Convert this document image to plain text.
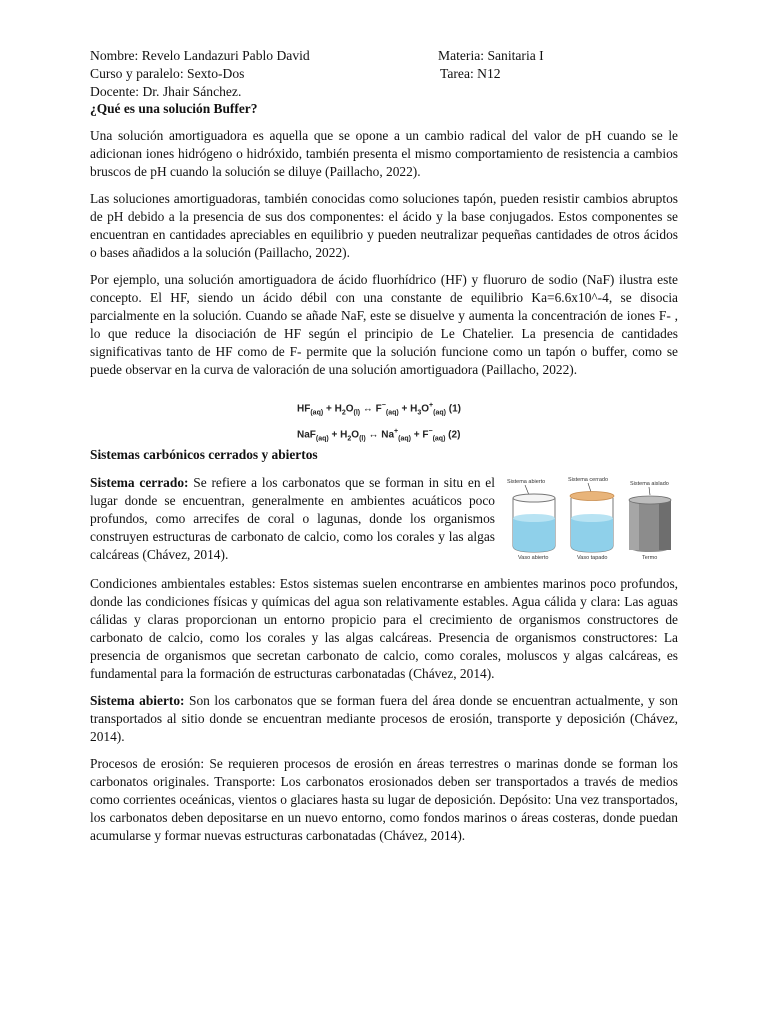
Nombre: Revelo Landazuri Pablo David	Materia: Sanitaria I
Curso y paralelo: Sexto-Dos	Tarea: N12
Docente: Dr. Jhair Sánchez.
¿Qué es una solución Buffer?
Una solución amortiguadora es aquella que se opone a un cambio radical del valor de pH cuando se le adicionan iones hidrógeno o hidróxido, también presenta el mismo comportamiento de resistencia a cambios bruscos de pH cuando la solución se diluye (Paillacho, 2022).
Las soluciones amortiguadoras, también conocidas como soluciones tapón, pueden resistir cambios abruptos de pH debido a la presencia de sus dos componentes: el ácido y la base conjugados. Estos componentes se encuentran en cantidades apreciables en equilibrio y pueden neutralizar pequeñas cantidades de otros ácidos o bases añadidos a la solución (Paillacho, 2022).
Por ejemplo, una solución amortiguadora de ácido fluorhídrico (HF) y fluoruro de sodio (NaF) ilustra este concepto. El HF, siendo un ácido débil con una constante de equilibrio Ka=6.6x10^-4, se disocia parcialmente en la solución. Cuando se añade NaF, este se disuelve y aumenta la concentración de iones F- , lo que reduce la disociación de HF según el principio de Le Chatelier. La presencia de cantidades significativas tanto de HF como de F- permite que la solución funcione como un tapón o buffer, como se puede observar en la curva de valoración de una solución amortiguadora (Paillacho, 2022).
$HF_{(aq)} + H_2O_{(l)}$ ↔ $F^-_{(aq)} + H_3O^+_{(aq)}$ (1)
$NaF_{(aq)} + H_2O_{(l)}$ ↔ $Na^+_{(aq)} + F^-_{(aq)}$ (2)
Sistemas carbónicos cerrados y abiertos
Sistema cerrado: Se refiere a los carbonatos que se forman in situ en el lugar donde se encuentran, generalmente en ambientes acuáticos poco profundos, como arrecifes de coral o lagunas, donde los organismos construyen estructuras de carbonato de calcio, como los corales y las algas calcáreas (Chávez, 2014).
Sistema abierto
Vaso abierto
Sistema cerrado
Vaso tapado
Sistema aislado
Termo
Condiciones ambientales estables: Estos sistemas suelen encontrarse en ambientes marinos poco profundos, donde las condiciones físicas y químicas del agua son relativamente estables. Agua cálida y clara: Las aguas cálidas y claras proporcionan un entorno propicio para el crecimiento de organismos constructores de carbonato de calcio, como los corales y las algas calcáreas. Presencia de organismos constructores: La presencia de organismos que secretan carbonato de calcio, como corales, moluscos y algas calcáreas, es fundamental para la formación de estructuras carbonatadas (Chávez, 2014).
Sistema abierto: Son los carbonatos que se forman fuera del área donde se encuentran actualmente, y son transportados al sitio donde se encuentran mediante procesos de erosión, transporte y deposición (Chávez, 2014).
Procesos de erosión: Se requieren procesos de erosión en áreas terrestres o marinas donde se forman los carbonatos originales. Transporte: Los carbonatos erosionados deben ser transportados a través de medios como corrientes oceánicas, vientos o glaciares hasta su lugar de deposición. Depósito: Una vez transportados, los carbonatos deben depositarse en un nuevo entorno, como fondos marinos o áreas costeras, donde puedan acumularse y formar nuevas estructuras carbonatadas (Chávez, 2014).
